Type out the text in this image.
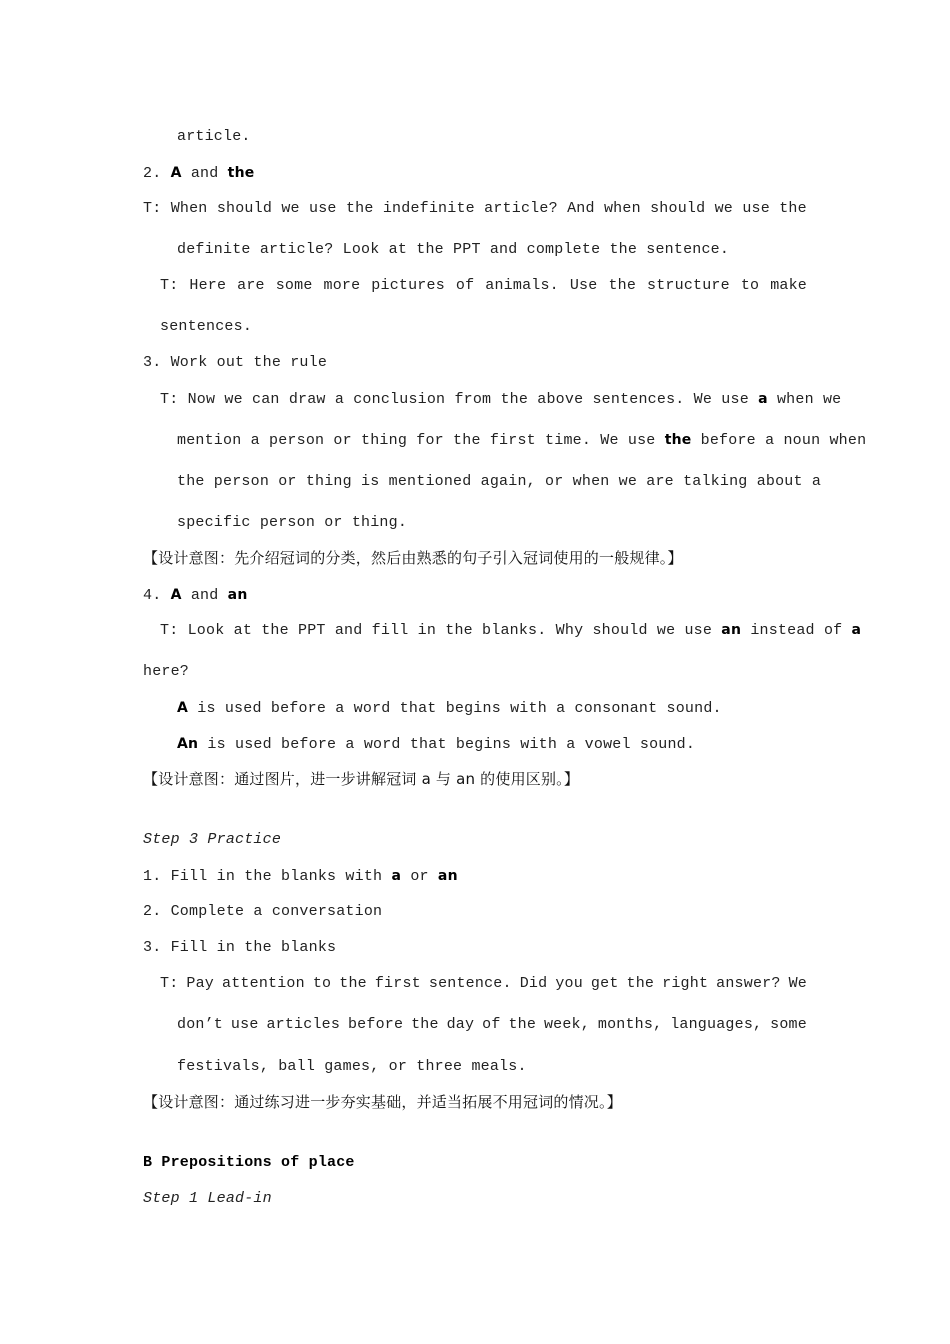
article.
2. A and the
T: When should we use the indefinite article? And when should we use the
definite article? Look at the PPT and complete the sentence.
T: Here are some more pictures of animals. Use the structure to make
sentences.
3. Work out the rule
T: Now we can draw a conclusion from the above sentences. We use a when we
mention a person or thing for the first time. We use the before a noun when
the person or thing is mentioned again, or when we are talking about a
specific person or thing.
【设计意图：先介绍冠词的分类，然后由熟悉的句子引入冠词使用的一般规律。】
4. A and an
T: Look at the PPT and fill in the blanks. Why should we use an instead of a
here?
A is used before a word that begins with a consonant sound.
An is used before a word that begins with a vowel sound.
【设计意图：通过图片，进一步讲解冠词 a 与 an 的使用区别。】
Step 3 Practice
1. Fill in the blanks with a or an
2. Complete a conversation
3. Fill in the blanks
T: Pay attention to the first sentence. Did you get the right answer? We
don’t use articles before the day of the week, months, languages, some
festivals, ball games, or three meals.
【设计意图：通过练习进一步夯实基础，并适当拓展不用冠词的情况。】
B Prepositions of place
Step 1 Lead-in
